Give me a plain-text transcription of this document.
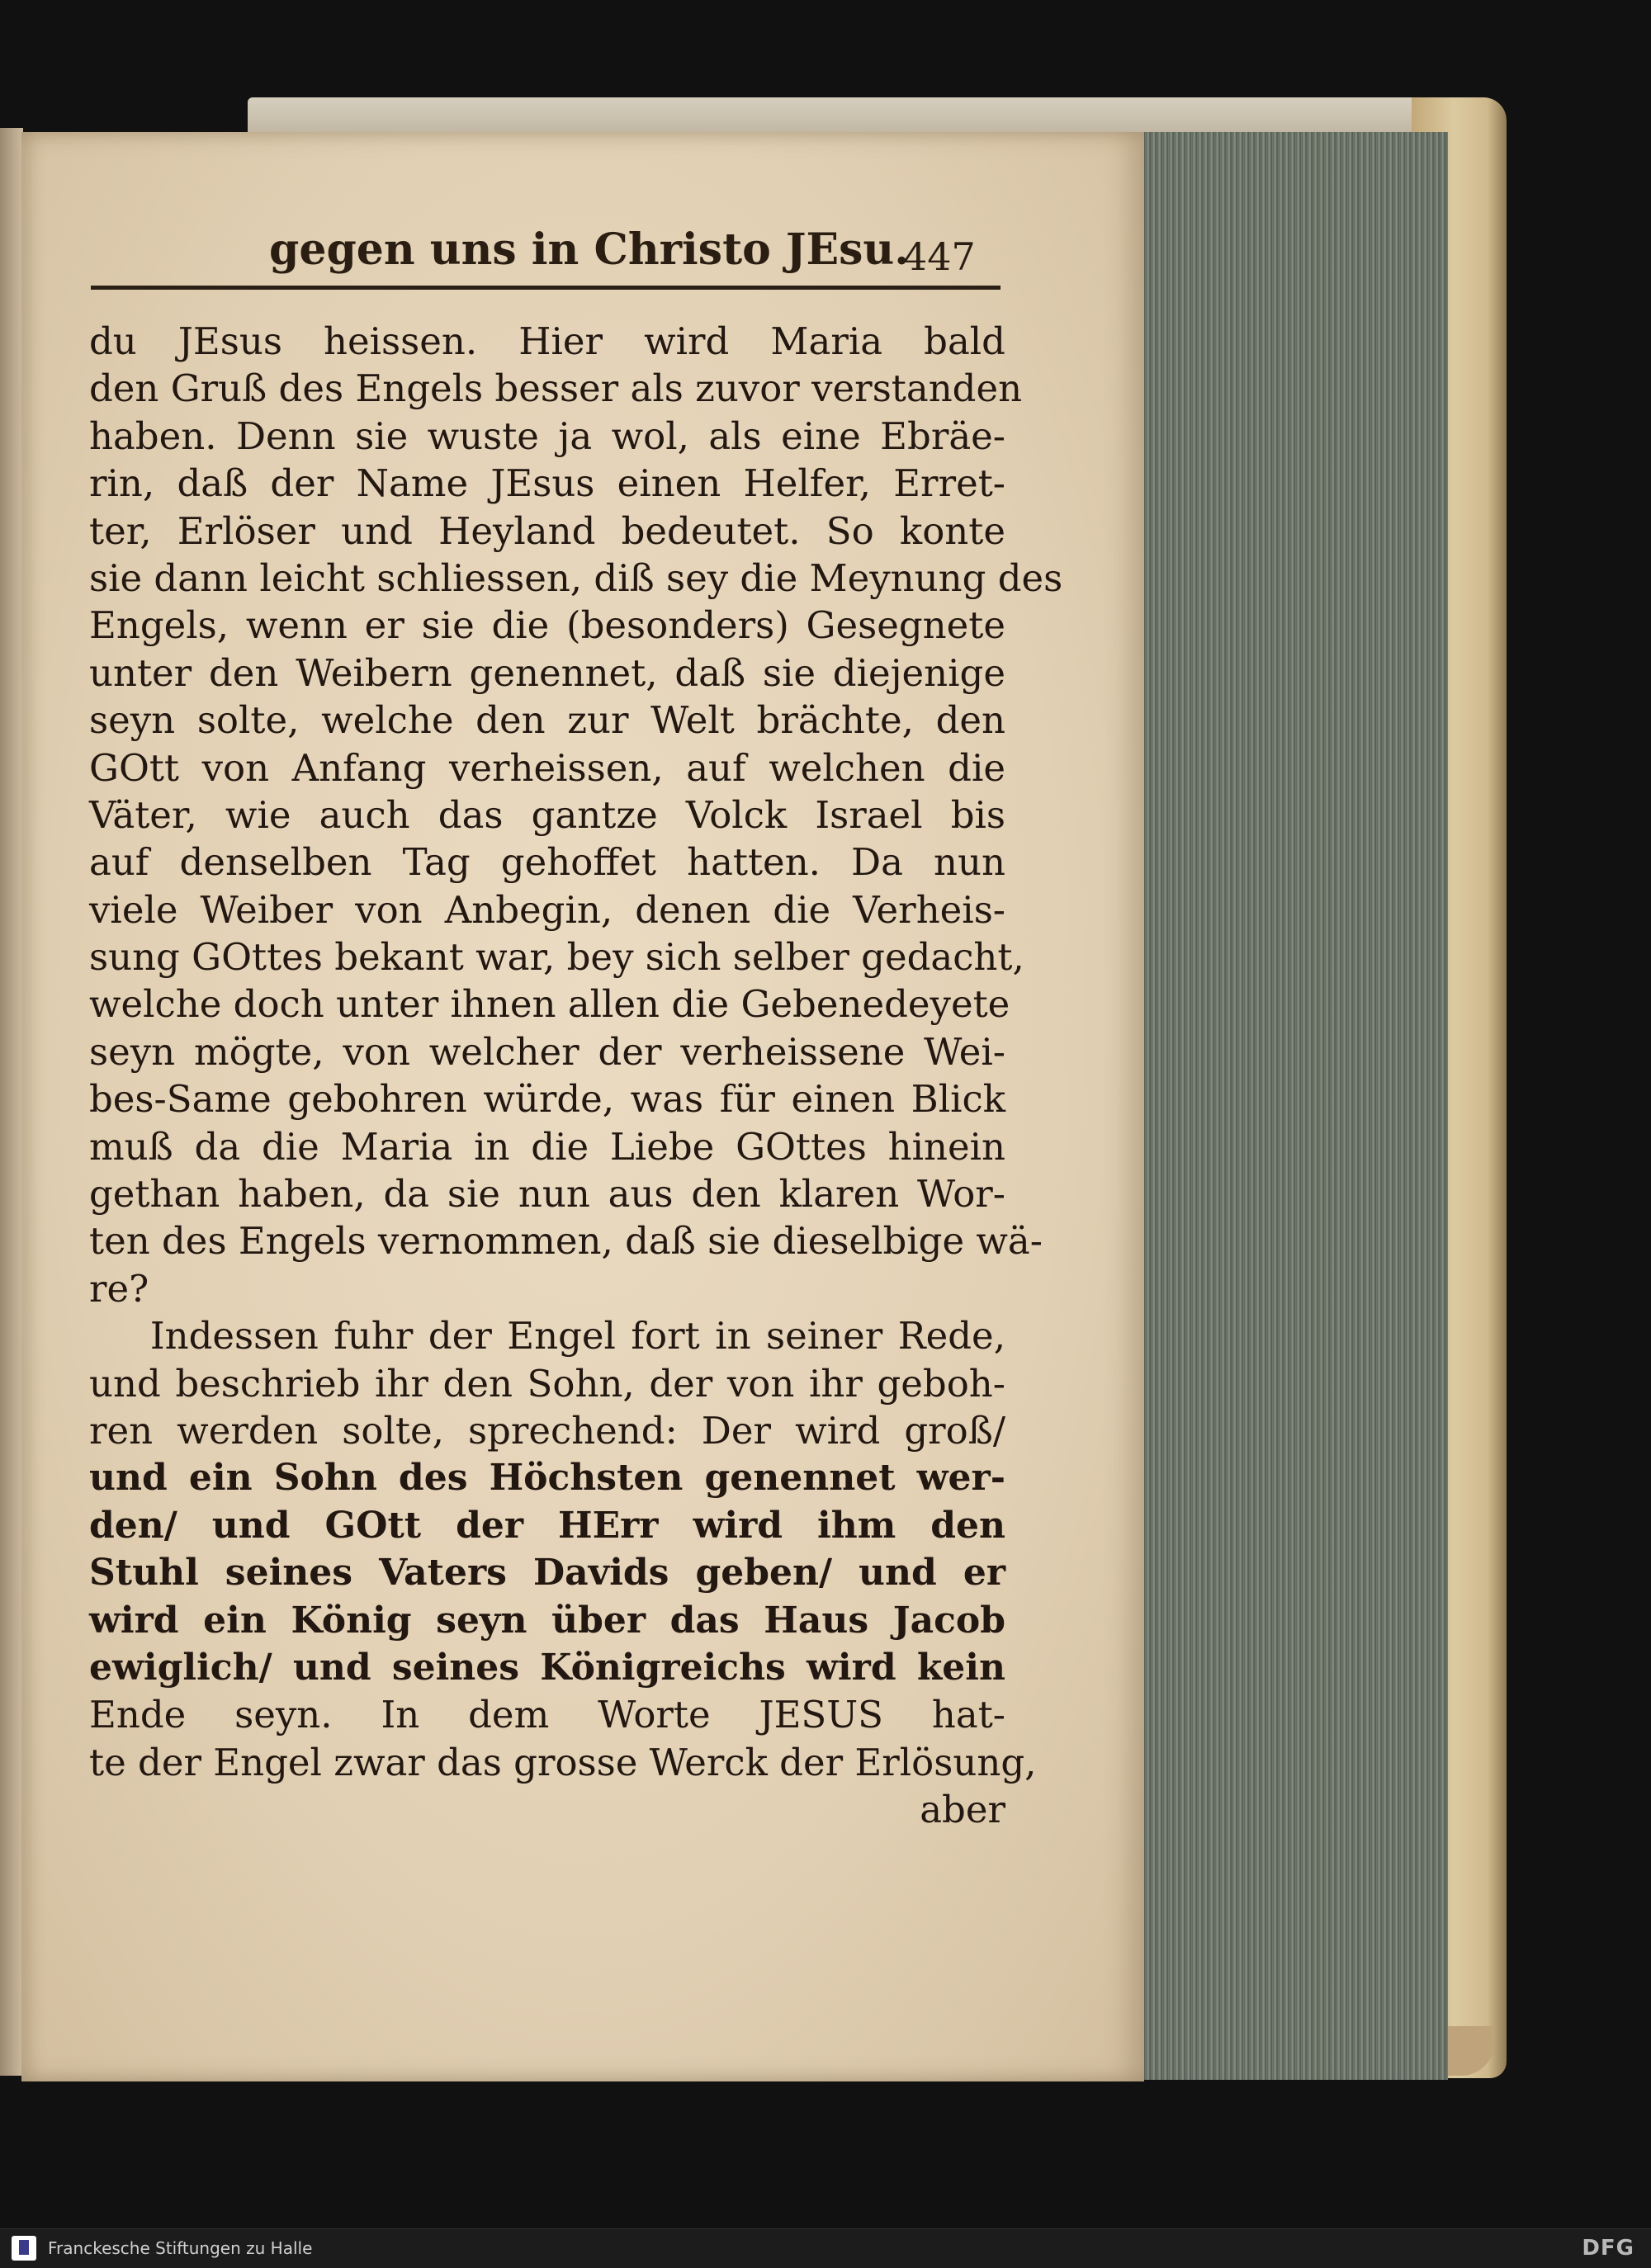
gegen uns in Christo JEsu.
447
du JEsus heissen. Hier wird Maria bald
den Gruß des Engels besser als zuvor verstanden
haben. Denn sie wuste ja wol, als eine Ebräe-
rin, daß der Name JEsus einen Helfer, Erret-
ter, Erlöser und Heyland bedeutet. So konte
sie dann leicht schliessen, diß sey die Meynung des
Engels, wenn er sie die (besonders) Gesegnete
unter den Weibern genennet, daß sie diejenige
seyn solte, welche den zur Welt brächte, den
GOtt von Anfang verheissen, auf welchen die
Väter, wie auch das gantze Volck Israel bis
auf denselben Tag gehoffet hatten. Da nun
viele Weiber von Anbegin, denen die Verheis-
sung GOttes bekant war, bey sich selber gedacht,
welche doch unter ihnen allen die Gebenedeyete
seyn mögte, von welcher der verheissene Wei-
bes-Same gebohren würde, was für einen Blick
muß da die Maria in die Liebe GOttes hinein
gethan haben, da sie nun aus den klaren Wor-
ten des Engels vernommen, daß sie dieselbige wä-
re?
Indessen fuhr der Engel fort in seiner Rede,
und beschrieb ihr den Sohn, der von ihr geboh-
ren werden solte, sprechend: Der wird groß/
und ein Sohn des Höchsten genennet wer-
den/ und GOtt der HErr wird ihm den
Stuhl seines Vaters Davids geben/ und er
wird ein König seyn über das Haus Jacob
ewiglich/ und seines Königreichs wird kein
Ende seyn. In dem Worte JESUS hat-
te der Engel zwar das grosse Werck der Erlösung,
aber
Franckesche Stiftungen zu Halle	DFG
